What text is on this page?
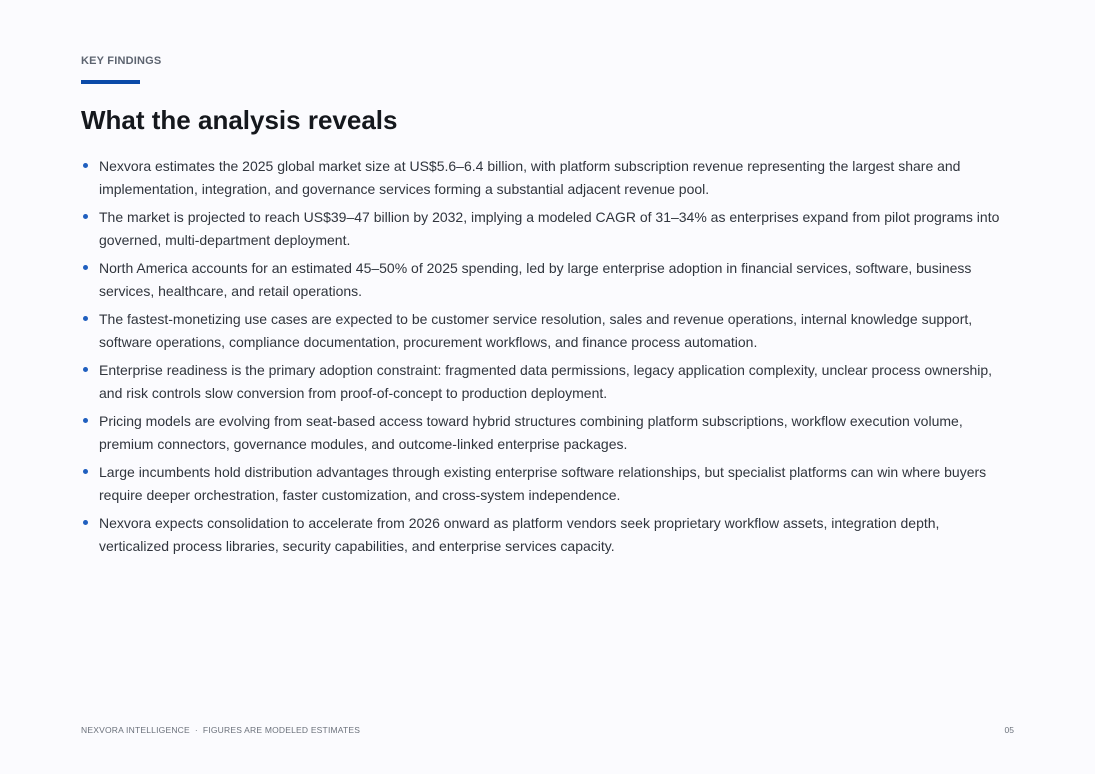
KEY FINDINGS
What the analysis reveals
Nexvora estimates the 2025 global market size at US$5.6–6.4 billion, with platform subscription revenue representing the largest share and implementation, integration, and governance services forming a substantial adjacent revenue pool.
The market is projected to reach US$39–47 billion by 2032, implying a modeled CAGR of 31–34% as enterprises expand from pilot programs into governed, multi-department deployment.
North America accounts for an estimated 45–50% of 2025 spending, led by large enterprise adoption in financial services, software, business services, healthcare, and retail operations.
The fastest-monetizing use cases are expected to be customer service resolution, sales and revenue operations, internal knowledge support, software operations, compliance documentation, procurement workflows, and finance process automation.
Enterprise readiness is the primary adoption constraint: fragmented data permissions, legacy application complexity, unclear process ownership, and risk controls slow conversion from proof-of-concept to production deployment.
Pricing models are evolving from seat-based access toward hybrid structures combining platform subscriptions, workflow execution volume, premium connectors, governance modules, and outcome-linked enterprise packages.
Large incumbents hold distribution advantages through existing enterprise software relationships, but specialist platforms can win where buyers require deeper orchestration, faster customization, and cross-system independence.
Nexvora expects consolidation to accelerate from 2026 onward as platform vendors seek proprietary workflow assets, integration depth, verticalized process libraries, security capabilities, and enterprise services capacity.
NEXVORA INTELLIGENCE · FIGURES ARE MODELED ESTIMATES	05
